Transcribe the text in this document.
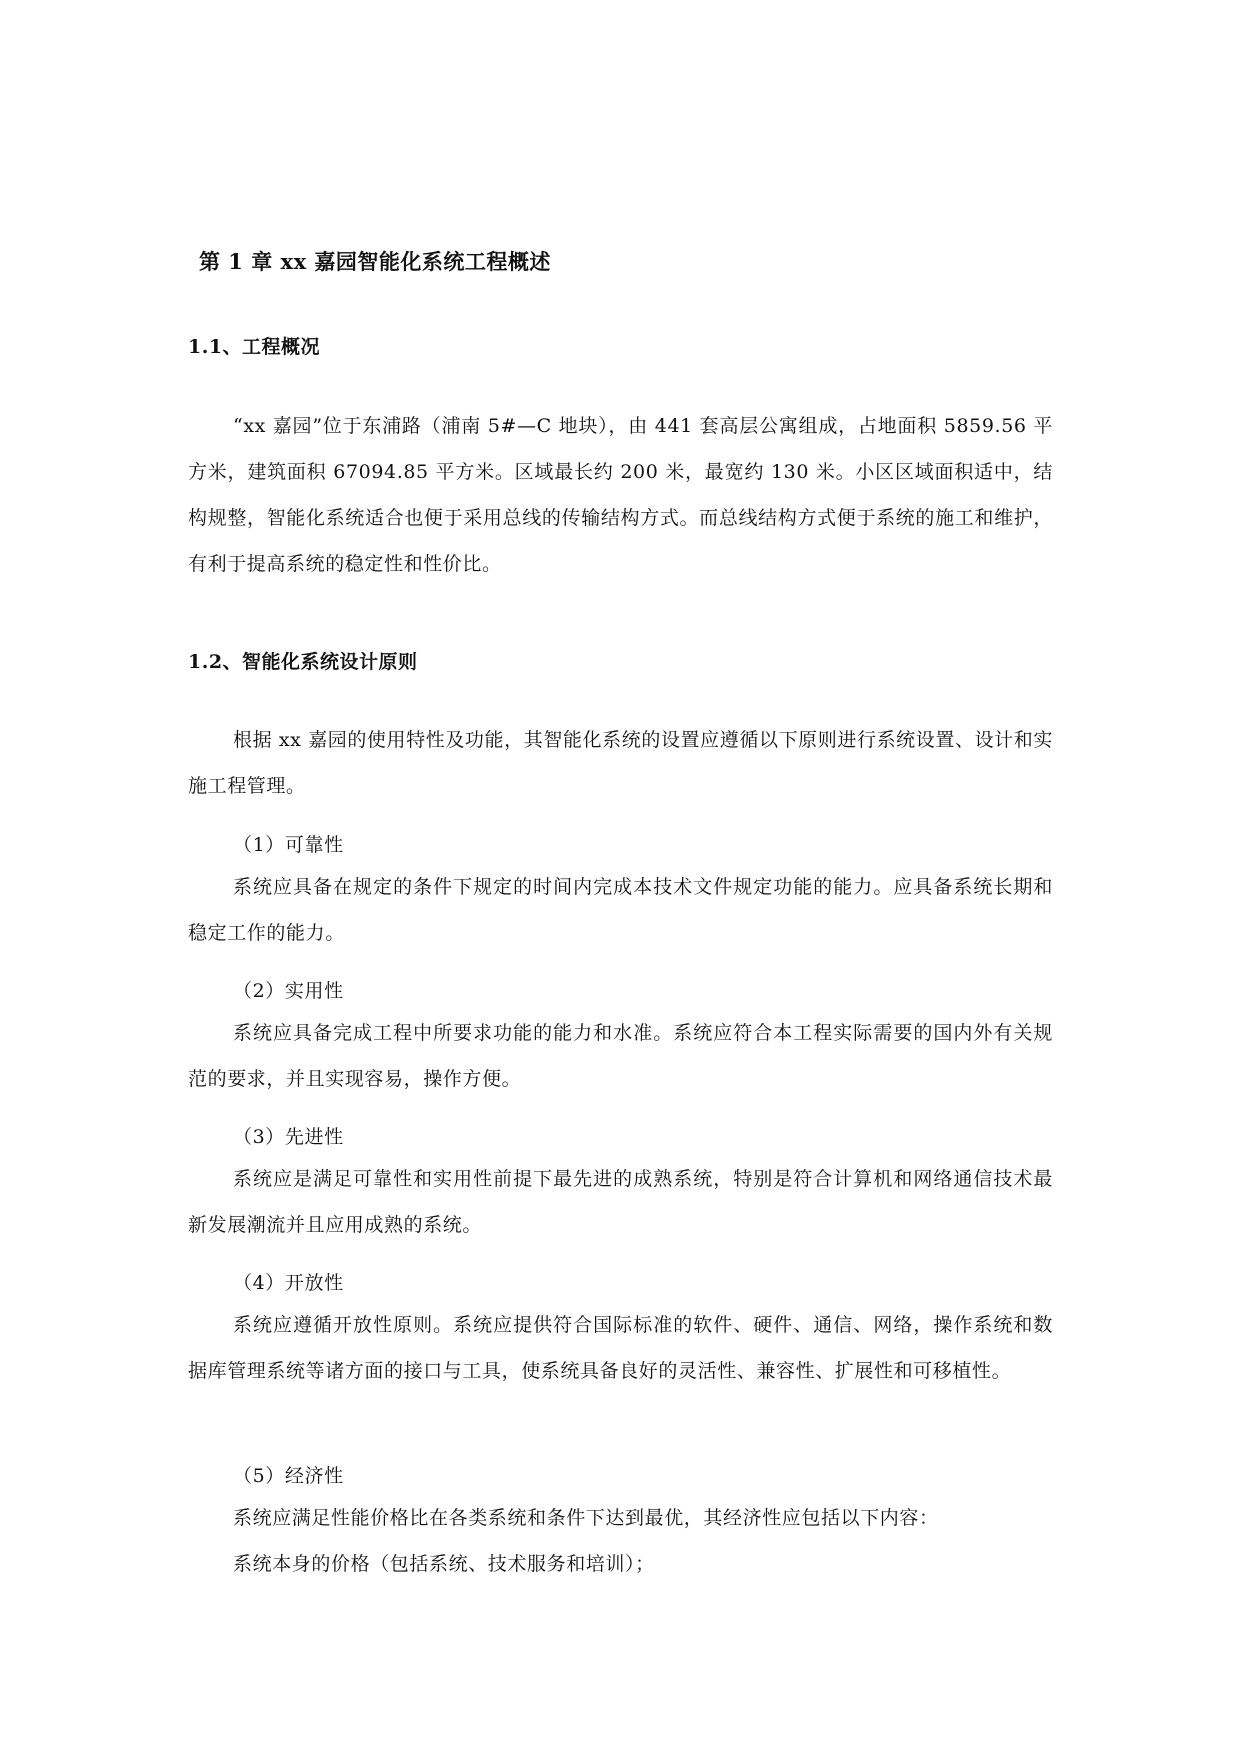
第 1 章 xx 嘉园智能化系统工程概述
1.1、工程概况
“xx 嘉园”位于东浦路（浦南 5#—C 地块），由 441 套高层公寓组成，占地面积 5859.56 平方米，建筑面积 67094.85 平方米。区域最长约 200 米，最宽约 130 米。小区区域面积适中，结构规整，智能化系统适合也便于采用总线的传输结构方式。而总线结构方式便于系统的施工和维护，有利于提高系统的稳定性和性价比。
1.2、智能化系统设计原则
根据 xx 嘉园的使用特性及功能，其智能化系统的设置应遵循以下原则进行系统设置、设计和实施工程管理。
（1）可靠性
系统应具备在规定的条件下规定的时间内完成本技术文件规定功能的能力。应具备系统长期和稳定工作的能力。
（2）实用性
系统应具备完成工程中所要求功能的能力和水准。系统应符合本工程实际需要的国内外有关规范的要求，并且实现容易，操作方便。
（3）先进性
系统应是满足可靠性和实用性前提下最先进的成熟系统，特别是符合计算机和网络通信技术最新发展潮流并且应用成熟的系统。
（4）开放性
系统应遵循开放性原则。系统应提供符合国际标准的软件、硬件、通信、网络，操作系统和数据库管理系统等诸方面的接口与工具，使系统具备良好的灵活性、兼容性、扩展性和可移植性。
（5）经济性
系统应满足性能价格比在各类系统和条件下达到最优，其经济性应包括以下内容：
系统本身的价格（包括系统、技术服务和培训）；
